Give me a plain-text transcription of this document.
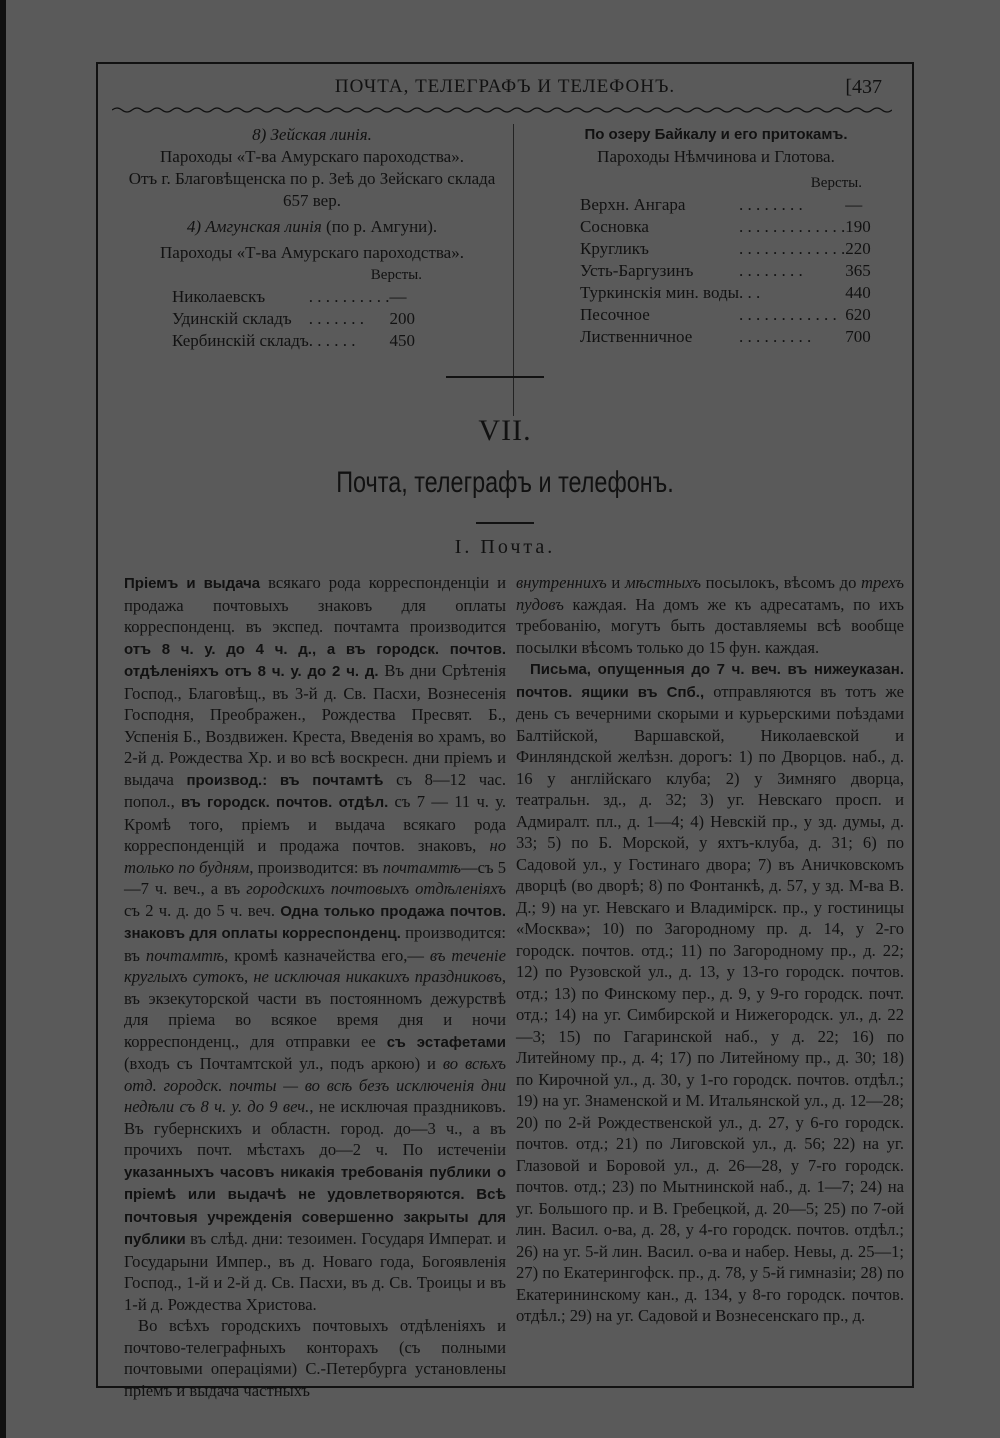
ПОЧТА, ТЕЛЕГРАФЪ И ТЕЛЕФОНЪ.	[437
8) Зейская линія.
Пароходы «Т-ва Амурскаго пароходства».
Отъ г. Благовѣщенска по р. Зеѣ до Зейскаго склада 657 вер.
4) Амгунская линія (по р. Амгуни).
Пароходы «Т-ва Амурскаго пароходства».
Версты.
Николаевскъ	. . . . . . . . . .	—
Удинскій складъ	. . . . . . .	200
Кербинскій складъ	. . . . . .	450
По озеру Байкалу и его притокамъ.
Пароходы Нѣмчинова и Глотова.
Версты.
Верхн. Ангара	. . . . . . . .	—
Сосновка	. . . . . . . . . . . . .	190
Кругликъ	. . . . . . . . . . . . .	220
Усть-Баргузинъ	. . . . . . . .	365
Туркинскія мин. воды	. . .	440
Песочное	. . . . . . . . . . . .	620
Лиственничное	. . . . . . . . .	700
VII.
Почта, телеграфъ и телефонъ.
I. Почта.

Пріемъ и выдача всякаго рода корреспонденціи и продажа почтовыхъ знаковъ для оплаты корреспонденц. въ экспед. почтамта производится отъ 8 ч. у. до 4 ч. д., а въ городск. почтов. отдѣленіяхъ отъ 8 ч. у. до 2 ч. д. Въ дни Срѣтенія Господ., Благовѣщ., въ 3-й д. Св. Пасхи, Вознесенія Господня, Преображен., Рождества Пресвят. Б., Успенія Б., Воздвижен. Креста, Введенія во храмъ, во 2-й д. Рождества Хр. и во всѣ воскресн. дни пріемъ и выдача производ.: въ почтамтѣ съ 8—12 час. попол., въ городск. почтов. отдѣл. съ 7 — 11 ч. у. Кромѣ того, пріемъ и выдача всякаго рода корреспонденцій и продажа почтов. знаковъ, но только по будням, производится: въ почтамтѣ—съ 5—7 ч. веч., а въ городскихъ почтовыхъ отдѣленіяхъ съ 2 ч. д. до 5 ч. веч. Одна только продажа почтов. знаковъ для оплаты корреспонденц. производится: въ почтамтѣ, кромѣ казначейства его,— въ теченіе круглыхъ сутокъ, не исключая никакихъ праздниковъ, въ экзекуторской части въ постоянномъ дежурствѣ для пріема во всякое время дня и ночи корреспонденц., для отправки ее съ эстафетами (входъ съ Почтамтской ул., подъ аркою) и во всѣхъ отд. городск. почты — во всѣ безъ исключенія дни недѣли съ 8 ч. у. до 9 веч., не исключая праздниковъ. Въ губернскихъ и областн. город. до—3 ч., а въ прочихъ почт. мѣстахъ до—2 ч. По истеченіи указанныхъ часовъ никакія требованія публики о пріемѣ или выдачѣ не удовлетворяются. Всѣ почтовыя учрежденія совершенно закрыты для публики въ слѣд. дни: тезоимен. Государя Императ. и Государыни Импер., въ д. Новаго года, Богоявленія Господ., 1-й и 2-й д. Св. Пасхи, въ д. Св. Троицы и въ 1-й д. Рождества Христова.

Во всѣхъ городскихъ почтовыхъ отдѣленіяхъ и почтово-телеграфныхъ конторахъ (съ полными почтовыми операціями) С.-Петербурга установлены пріемъ и выдача частныхъ

внутреннихъ и мѣстныхъ посылокъ, вѣсомъ до трехъ пудовъ каждая. На домъ же къ адресатамъ, по ихъ требованію, могутъ быть доставляемы всѣ вообще посылки вѣсомъ только до 15 фун. каждая.

Письма, опущенныя до 7 ч. веч. въ нижеуказан. почтов. ящики въ Спб., отправляются въ тотъ же день съ вечерними скорыми и курьерскими поѣздами Балтійской, Варшавской, Николаевской и Финляндской желѣзн. дорогъ: 1) по Дворцов. наб., д. 16 у англійскаго клуба; 2) у Зимняго дворца, театральн. зд., д. 32; 3) уг. Невскаго просп. и Адмиралт. пл., д. 1—4; 4) Невскій пр., у зд. думы, д. 33; 5) по Б. Морской, у яхтъ-клуба, д. 31; 6) по Садовой ул., у Гостинаго двора; 7) въ Аничковскомъ дворцѣ (во дворѣ; 8) по Фонтанкѣ, д. 57, у зд. М-ва В. Д.; 9) на уг. Невскаго и Владимірск. пр., у гостиницы «Москва»; 10) по Загородному пр. д. 14, у 2-го городск. почтов. отд.; 11) по Загородному пр., д. 22; 12) по Рузовской ул., д. 13, у 13-го городск. почтов. отд.; 13) по Финскому пер., д. 9, у 9-го городск. почт. отд.; 14) на уг. Симбирской и Нижегородск. ул., д. 22—3; 15) по Гагаринской наб., у д. 22; 16) по Литейному пр., д. 4; 17) по Литейному пр., д. 30; 18) по Кирочной ул., д. 30, у 1-го городск. почтов. отдѣл.; 19) на уг. Знаменской и М. Итальянской ул., д. 12—28; 20) по 2-й Рождественской ул., д. 27, у 6-го городск. почтов. отд.; 21) по Лиговской ул., д. 56; 22) на уг. Глазовой и Боровой ул., д. 26—28, у 7-го городск. почтов. отд.; 23) по Мытнинской наб., д. 1—7; 24) на уг. Большого пр. и В. Гребецкой, д. 20—5; 25) по 7-ой лин. Васил. о-ва, д. 28, у 4-го городск. почтов. отдѣл.; 26) на уг. 5-й лин. Васил. о-ва и набер. Невы, д. 25—1; 27) по Екатерингофск. пр., д. 78, у 5-й гимназіи; 28) по Екатерининскому кан., д. 134, у 8-го городск. почтов. отдѣл.; 29) на уг. Садовой и Вознесенскаго пр., д.
